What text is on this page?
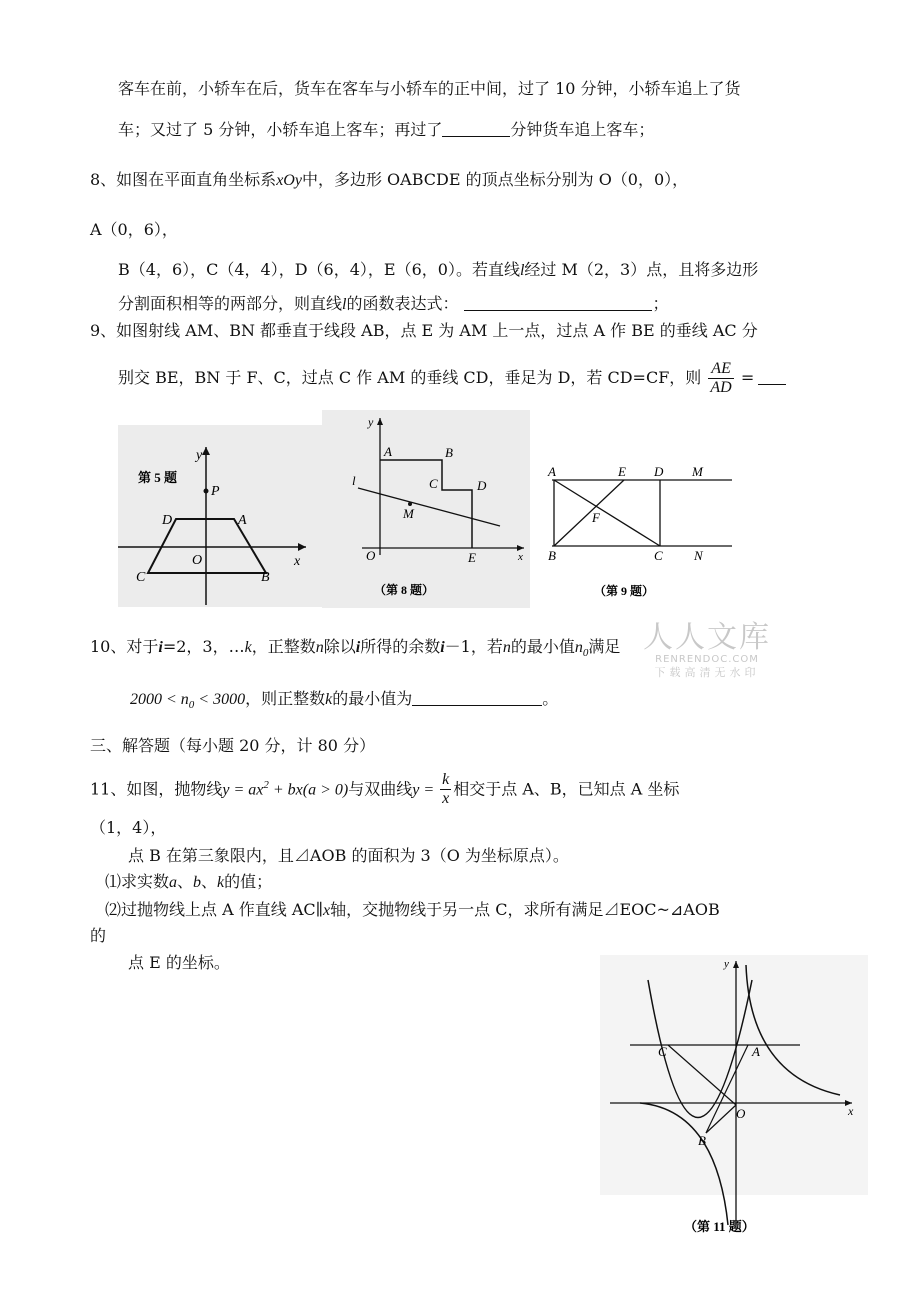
客车在前，小轿车在后，货车在客车与小轿车的正中间，过了 10 分钟，小轿车追上了货
车；又过了 5 分钟，小轿车追上客车；再过了	分钟货车追上客车；
8、如图在平面直角坐标系xOy中，多边形 OABCDE 的顶点坐标分别为 O（0，0），
A（0，6），
B（4，6），C（4，4），D（6，4），E（6，0）。若直线l经过 M（2，3）点，且将多边形
分割面积相等的两部分，则直线l的函数表达式：	；
9、如图射线 AM、BN 都垂直于线段 AB，点 E 为 AM 上一点，过点 A 作 BE 的垂线 AC 分
别交 BE，BN 于 F、C，过点 C 作 AM 的垂线 CD，垂足为 D，若 CD=CF，则 $\frac{AE}{AD}$ =
第 5 题
y
P
D	A
O	x
C	B
y
A	B
C	D
l
M
O	E	x
（第 8 题）
A	E D M
F
B	C N
（第 9 题）
10、对于i=2，3，…k，正整数n除以i所得的余数i－1，若n的最小值$n_0$满足
$2000 < n_0 < 3000$，则正整数k的最小值为	。
人人文库
RENRENDOC.COM
下载高清无水印
三、解答题（每小题 20 分，计 80 分）
11、如图，抛物线$y = ax^2 + bx(a > 0)$与双曲线$y = \frac{k}{x}$ 相交于点 A、B，已知点 A 坐标
（1，4），
点 B 在第三象限内，且⊿AOB 的面积为 3（O 为坐标原点）。
⑴求实数a、b、k的值；
⑵过抛物线上点 A 作直线 AC∥x轴，交抛物线于另一点 C，求所有满足⊿EOC~⊿AOB
的
点 E 的坐标。	y
C	A
O	x
B
（第 11 题）
